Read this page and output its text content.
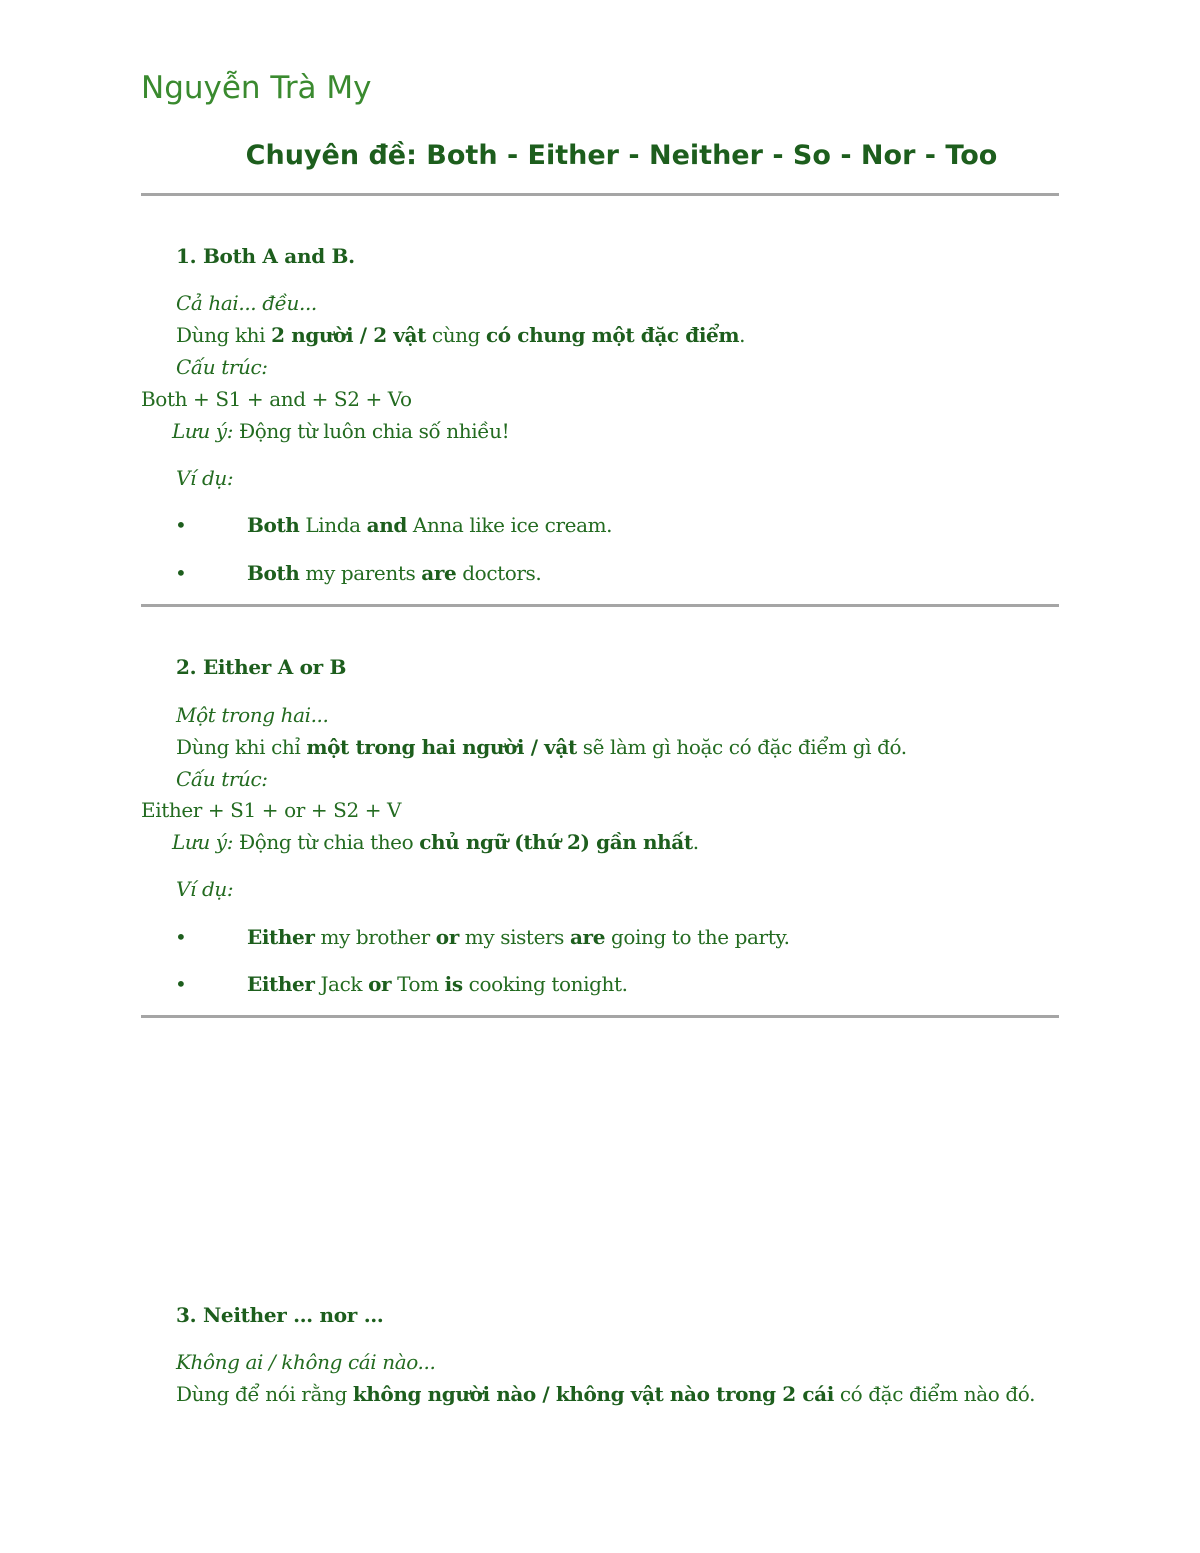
Nguyễn Trà My
Chuyên đề: Both - Either - Neither - So - Nor - Too
1. Both A and B.
Cả hai... đều...
Dùng khi 2 người / 2 vật cùng có chung một đặc điểm.
Cấu trúc:
Both + S1 + and + S2 + Vo
Lưu ý: Động từ luôn chia số nhiều!
Ví dụ:
•	Both Linda and Anna like ice cream.
•	Both my parents are doctors.
2. Either A or B
Một trong hai...
Dùng khi chỉ một trong hai người / vật sẽ làm gì hoặc có đặc điểm gì đó.
Cấu trúc:
Either + S1 + or + S2 + V
Lưu ý: Động từ chia theo chủ ngữ (thứ 2) gần nhất.
Ví dụ:
•	Either my brother or my sisters are going to the party.
•	Either Jack or Tom is cooking tonight.
3. Neither … nor …
Không ai / không cái nào...
Dùng để nói rằng không người nào / không vật nào trong 2 cái có đặc điểm nào đó.
